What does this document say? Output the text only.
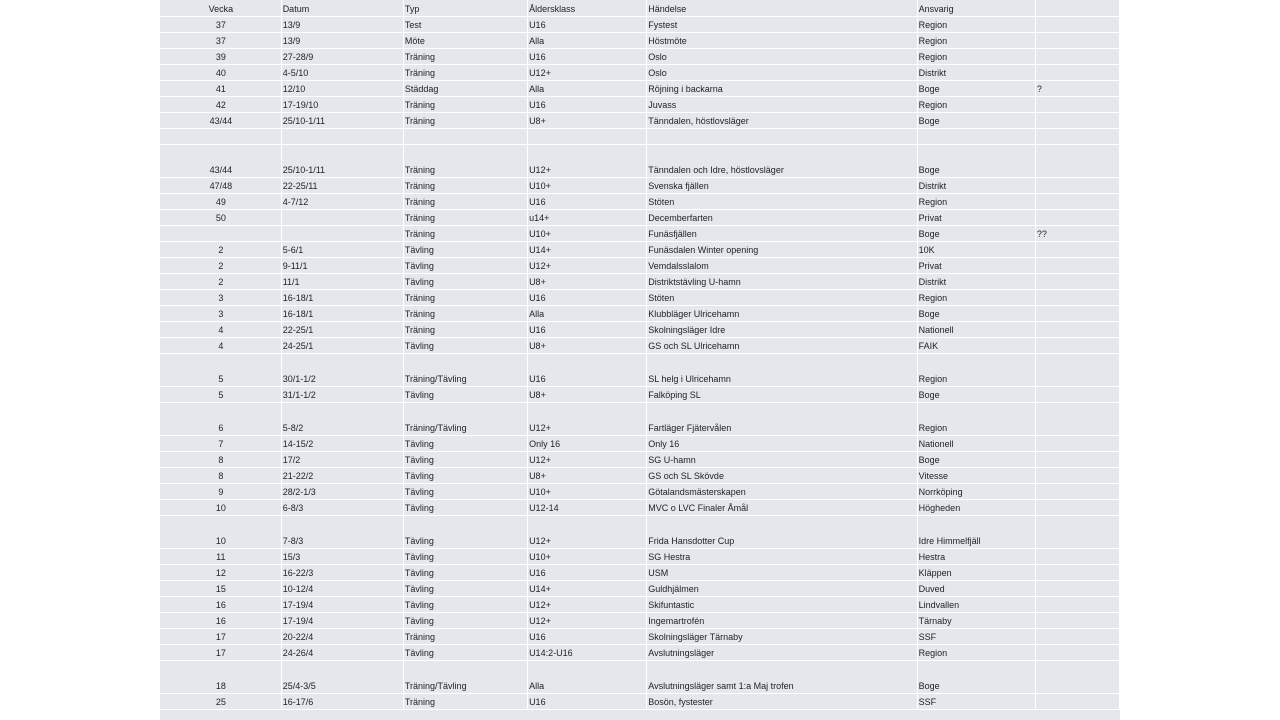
Vecka	Datum	Typ	Åldersklass	Händelse	Ansvarig	
37	13/9	Test	U16	Fystest	Region	
37	13/9	Möte	Alla	Höstmöte	Region	
39	27-28/9	Träning	U16	Oslo	Region	
40	4-5/10	Träning	U12+	Oslo	Distrikt	
41	12/10	Städdag	Alla	Röjning i backarna	Boge	?
42	17-19/10	Träning	U16	Juvass	Region	
43/44	25/10-1/11	Träning	U8+	Tänndalen, höstlovsläger	Boge	

43/44	25/10-1/11	Träning	U12+	Tänndalen och Idre, höstlovsläger	Boge	
47/48	22-25/11	Träning	U10+	Svenska fjällen	Distrikt	
49	4-7/12	Träning	U16	Stöten	Region	
50		Träning	u14+	Decemberfarten	Privat	
		Träning	U10+	Funäsfjällen	Boge	??
2	5-6/1	Tävling	U14+	Funäsdalen Winter opening	10K	
2	9-11/1	Tävling	U12+	Vemdalsslalom	Privat	
2	11/1	Tävling	U8+	Distriktstävling U-hamn	Distrikt	
3	16-18/1	Träning	U16	Stöten	Region	
3	16-18/1	Träning	Alla	Klubbläger Ulricehamn	Boge	
4	22-25/1	Träning	U16	Skolningsläger Idre	Nationell	
4	24-25/1	Tävling	U8+	GS och SL Ulricehamn	FAIK	
5	30/1-1/2	Träning/Tävling	U16	SL helg i Ulricehamn	Region	
5	31/1-1/2	Tävling	U8+	Falköping SL	Boge	
6	5-8/2	Träning/Tävling	U12+	Fartläger Fjätervålen	Region	
7	14-15/2	Tävling	Only 16	Only 16	Nationell	
8	17/2	Tävling	U12+	SG U-hamn	Boge	
8	21-22/2	Tävling	U8+	GS och SL Skövde	Vitesse	
9	28/2-1/3	Tävling	U10+	Götalandsmästerskapen	Norrköping	
10	6-8/3	Tävling	U12-14	MVC o LVC Finaler Åmål	Högheden	
10	7-8/3	Tävling	U12+	Frida Hansdotter Cup	Idre Himmelfjäll	
11	15/3	Tävling	U10+	SG Hestra	Hestra	
12	16-22/3	Tävling	U16	USM	Kläppen	
15	10-12/4	Tävling	U14+	Guldhjälmen	Duved	
16	17-19/4	Tävling	U12+	Skifuntastic	Lindvallen	
16	17-19/4	Tävling	U12+	Ingemartrofén	Tärnaby	
17	20-22/4	Träning	U16	Skolningsläger Tärnaby	SSF	
17	24-26/4	Tävling	U14:2-U16	Avslutningsläger	Region	
18	25/4-3/5	Träning/Tävling	Alla	Avslutningsläger samt 1:a Maj trofen	Boge	
25	16-17/6	Träning	U16	Bosön, fystester	SSF	
